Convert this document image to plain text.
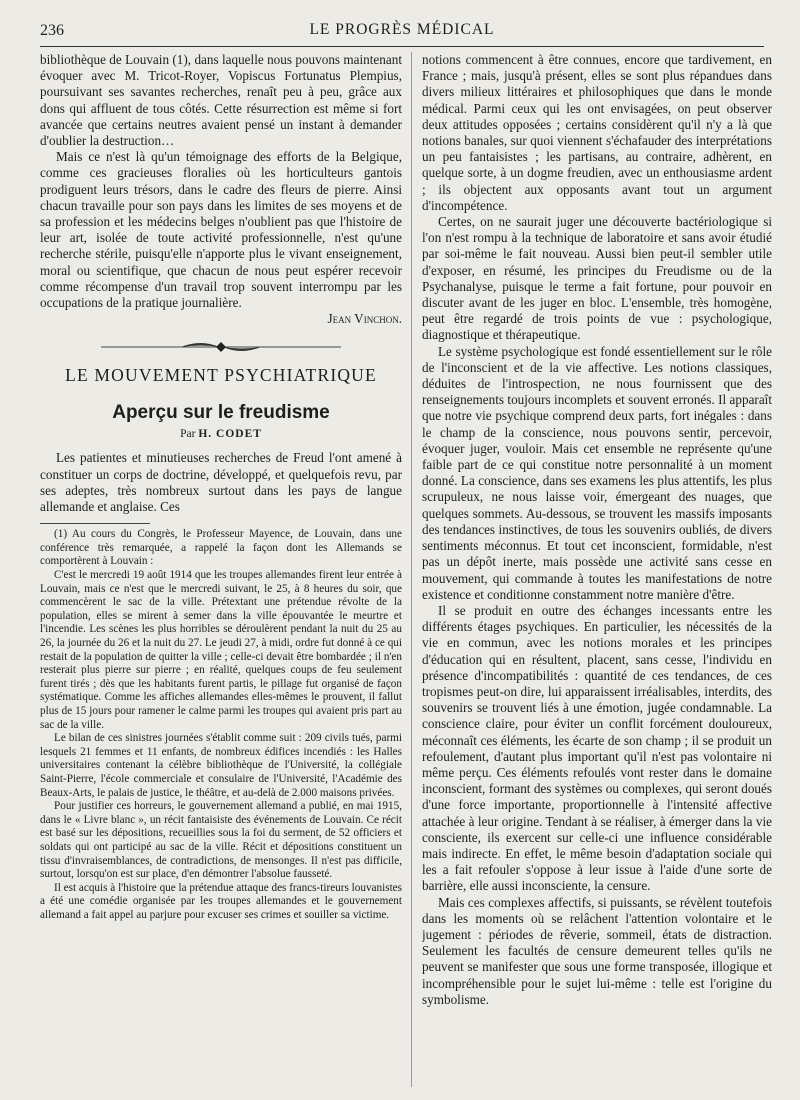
236	LE PROGRÈS MÉDICAL

bibliothèque de Louvain (1), dans laquelle nous pouvons maintenant évoquer avec M. Tricot-Royer, Vopiscus Fortunatus Plempius, poursuivant ses savantes recherches, renaît peu à peu, grâce aux dons qui affluent de tous côtés. Cette résurrection est même si fort avancée que certains neutres avaient pensé un instant à demander d'oublier la destruction…

Mais ce n'est là qu'un témoignage des efforts de la Belgique, comme ces gracieuses floralies où les horticulteurs gantois prodiguent leurs trésors, dans le cadre des fleurs de pierre. Ainsi chacun travaille pour son pays dans les limites de ses moyens et de sa profession et les médecins belges n'oublient pas que l'histoire de leur art, isolée de toute activité professionnelle, n'est qu'une recherche stérile, puisqu'elle n'apporte plus le vivant enseignement, moral ou scientifique, que chacun de nous peut espérer recevoir comme récompense d'un travail trop souvent interrompu par les occupations de la pratique journalière.

Jean Vinchon.

LE MOUVEMENT PSYCHIATRIQUE
Aperçu sur le freudisme
Par H. CODET

Les patientes et minutieuses recherches de Freud l'ont amené à constituer un corps de doctrine, développé, et quelquefois revu, par ses adeptes, très nombreux surtout dans les pays de langue allemande et anglaise. Ces

(1) Au cours du Congrès, le Professeur Mayence, de Louvain, dans une conférence très remarquée, a rappelé la façon dont les Allemands se comportèrent à Louvain :

C'est le mercredi 19 août 1914 que les troupes allemandes firent leur entrée à Louvain, mais ce n'est que le mercredi suivant, le 25, à 8 heures du soir, que commencèrent le sac de la ville. Prétextant une prétendue révolte de la population, elles se mirent à semer dans la ville épouvantée le meurtre et l'incendie. Les scènes les plus horribles se déroulèrent pendant la nuit du 25 au 26, la journée du 26 et la nuit du 27. Le jeudi 27, à midi, ordre fut donné à ce qui restait de la population de quitter la ville ; celle-ci devait être bombardée ; il n'en resterait plus pierre sur pierre ; en réalité, quelques coups de feu seulement furent tirés ; dès que les habitants furent partis, le pillage fut organisé de façon systématique. Comme les affiches allemandes elles-mêmes le prouvent, il fallut plus de 15 jours pour ramener le calme parmi les troupes qui avaient pris part au sac de la ville.

Le bilan de ces sinistres journées s'établit comme suit : 209 civils tués, parmi lesquels 21 femmes et 11 enfants, de nombreux édifices incendiés : les Halles universitaires contenant la célèbre bibliothèque de l'Université, la collégiale Saint-Pierre, l'école commerciale et consulaire de l'Université, l'Académie des Beaux-Arts, le palais de justice, le théâtre, et au-delà de 2.000 maisons privées.

Pour justifier ces horreurs, le gouvernement allemand a publié, en mai 1915, dans le « Livre blanc », un récit fantaisiste des événements de Louvain. Ce récit est basé sur les dépositions, recueillies sous la foi du serment, de 52 officiers et soldats qui ont participé au sac de la ville. Récit et dépositions constituent un tissu d'invraisemblances, de contradictions, de mensonges. Il n'est pas difficile, surtout, lorsqu'on est sur place, d'en démontrer l'absolue fausseté.

Il est acquis à l'histoire que la prétendue attaque des francs-tireurs louvanistes a été une comédie organisée par les troupes allemandes et le gouvernement allemand a fait appel au parjure pour excuser ses crimes et souiller sa victime.

notions commencent à être connues, encore que tardivement, en France ; mais, jusqu'à présent, elles se sont plus répandues dans divers milieux littéraires et philosophiques que dans le monde médical. Parmi ceux qui les ont envisagées, on peut observer deux attitudes opposées ; certains considèrent qu'il n'y a là que notions banales, sur quoi viennent s'échafauder des interprétations un peu fantaisistes ; les partisans, au contraire, adhèrent, en quelque sorte, à un dogme freudien, avec un enthousiasme ardent ; ils objectent aux opposants avant tout un argument d'incompétence.

Certes, on ne saurait juger une découverte bactériologique si l'on n'est rompu à la technique de laboratoire et sans avoir étudié par soi-même le fait nouveau. Aussi bien peut-il sembler utile d'exposer, en résumé, les principes du Freudisme ou de la Psychanalyse, puisque le terme a fait fortune, pour pouvoir en discuter avant de les juger en bloc. L'ensemble, très homogène, peut être regardé de trois points de vue : psychologique, diagnostique et thérapeutique.

Le système psychologique est fondé essentiellement sur le rôle de l'inconscient et de la vie affective. Les notions classiques, déduites de l'introspection, ne nous fournissent que des renseignements toujours incomplets et souvent erronés. Il apparaît que notre vie psychique comprend deux parts, fort inégales : dans le champ de la conscience, nous pouvons sentir, percevoir, évoquer juger, vouloir. Mais cet ensemble ne représente qu'une faible part de ce qui constitue notre personnalité à un moment donné. La conscience, dans ses examens les plus attentifs, les plus scrupuleux, ne nous laisse voir, émergeant des nuages, que quelques sommets. Au-dessous, se trouvent les massifs imposants des tendances instinctives, de tous les souvenirs oubliés, de divers sentiments méconnus. Et tout cet inconscient, formidable, n'est pas un dépôt inerte, mais possède une activité sans cesse en mouvement, qui commande à toutes les manifestations de notre existence et conditionne constamment notre manière d'être.

Il se produit en outre des échanges incessants entre les différents étages psychiques. En particulier, les nécessités de la vie en commun, avec les notions morales et les principes d'éducation qui en résultent, placent, sans cesse, l'individu en présence d'incompatibilités : quantité de ces tendances, de ces tropismes peut-on dire, lui apparaissent irréalisables, interdits, des souvenirs se trouvent liés à une émotion, jugée condamnable. La conscience claire, pour éviter un conflit forcément douloureux, méconnaît ces éléments, les écarte de son champ ; il se produit un refoulement, d'autant plus important qu'il n'est pas volontaire ni même perçu. Ces éléments refoulés vont rester dans le domaine inconscient, formant des systèmes ou complexes, qui seront doués d'une force importante, proportionnelle à l'intensité affective attachée à leur origine. Tendant à se réaliser, à émerger dans la vie consciente, ils exercent sur celle-ci une influence considérable mais indirecte. En effet, le même besoin d'adaptation sociale qui les a fait refouler s'oppose à leur issue à l'aide d'une sorte de barrière, elle aussi inconsciente, la censure.

Mais ces complexes affectifs, si puissants, se révèlent toutefois dans les moments où se relâchent l'attention volontaire et le jugement : périodes de rêverie, sommeil, états de distraction. Seulement les facultés de censure demeurent telles qu'ils ne peuvent se manifester que sous une forme transposée, illogique et incompréhensible pour le sujet lui-même : telle est l'origine du symbolisme.
